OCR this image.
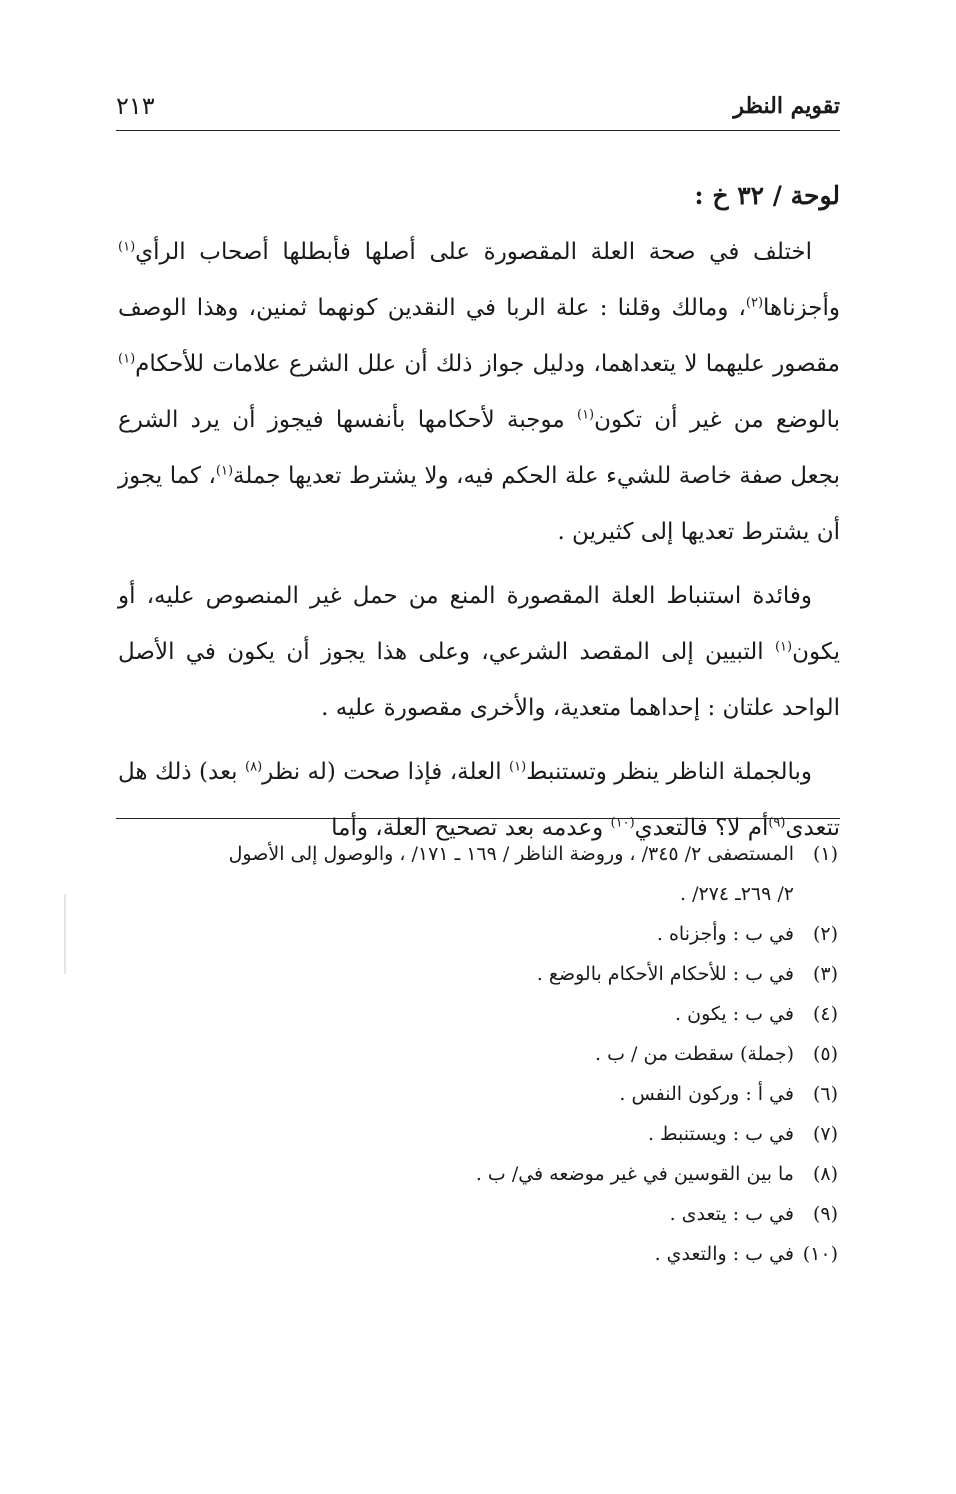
تقويم النظر
٢١٣
لوحة / ٣٢ خ :

اختلف في صحة العلة المقصورة على أصلها فأبطلها أصحاب الرأي$^{(١)}$ وأجزناها$^{(٢)}$، ومالك وقلنا : علة الربا في النقدين كونهما ثمنين، وهذا الوصف مقصور عليهما لا يتعداهما، ودليل جواز ذلك أن علل الشرع علامات للأحكام$^{(١)}$ بالوضع من غير أن تكون$^{(١)}$ موجبة لأحكامها بأنفسها فيجوز أن يرد الشرع بجعل صفة خاصة للشيء علة الحكم فيه، ولا يشترط تعديها جملة$^{(١)}$، كما يجوز أن يشترط تعديها إلى كثيرين .

وفائدة استنباط العلة المقصورة المنع من حمل غير المنصوص عليه، أو يكون$^{(١)}$ التبيين إلى المقصد الشرعي، وعلى هذا يجوز أن يكون في الأصل الواحد علتان : إحداهما متعدية، والأخرى مقصورة عليه .

وبالجملة الناظر ينظر وتستنبط$^{(١)}$ العلة، فإذا صحت (له نظر$^{(٨)}$ بعد) ذلك هل تتعدى$^{(٩)}$أم لا؟ فالتعدي$^{(١٠)}$ وعدمه بعد تصحيح العلة، وأما

(١)المستصفى ٢/ ٣٤٥/ ، وروضة الناظر / ١٦٩ ـ ١٧١/ ، والوصول إلى الأصول
٢/ ٢٦٩ـ ٢٧٤/ .
(٢)في ب : وأجزناه .
(٣)في ب : للأحكام الأحكام بالوضع .
(٤)في ب : يكون .
(٥)(جملة) سقطت من / ب .
(٦)في أ : وركون النفس .
(٧)في ب : ويستنبط .
(٨)ما بين القوسين في غير موضعه في/ ب .
(٩)في ب : يتعدى .
(١٠)في ب : والتعدي .
